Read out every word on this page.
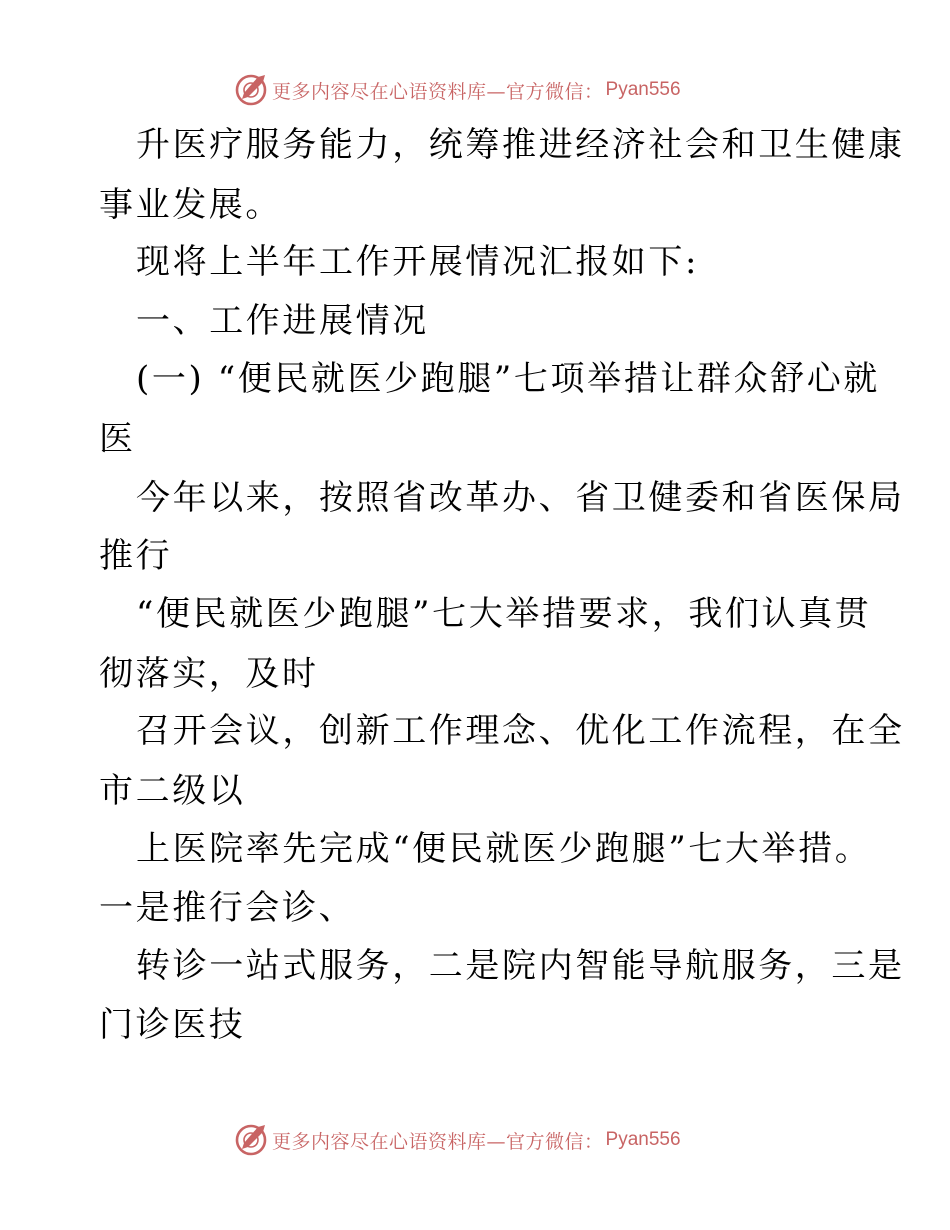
更多内容尽在心语资料库—官方微信： Pyan556
升医疗服务能力，统筹推进经济社会和卫生健康
事业发展。
现将上半年工作开展情况汇报如下:
一、工作进展情况
(一) “便民就医少跑腿”七项举措让群众舒心就
医
今年以来，按照省改革办、省卫健委和省医保局
推行
“便民就医少跑腿”七大举措要求，我们认真贯
彻落实，及时
召开会议，创新工作理念、优化工作流程，在全
市二级以
上医院率先完成“便民就医少跑腿”七大举措。
一是推行会诊、
转诊一站式服务，二是院内智能导航服务，三是
门诊医技
更多内容尽在心语资料库—官方微信： Pyan556
